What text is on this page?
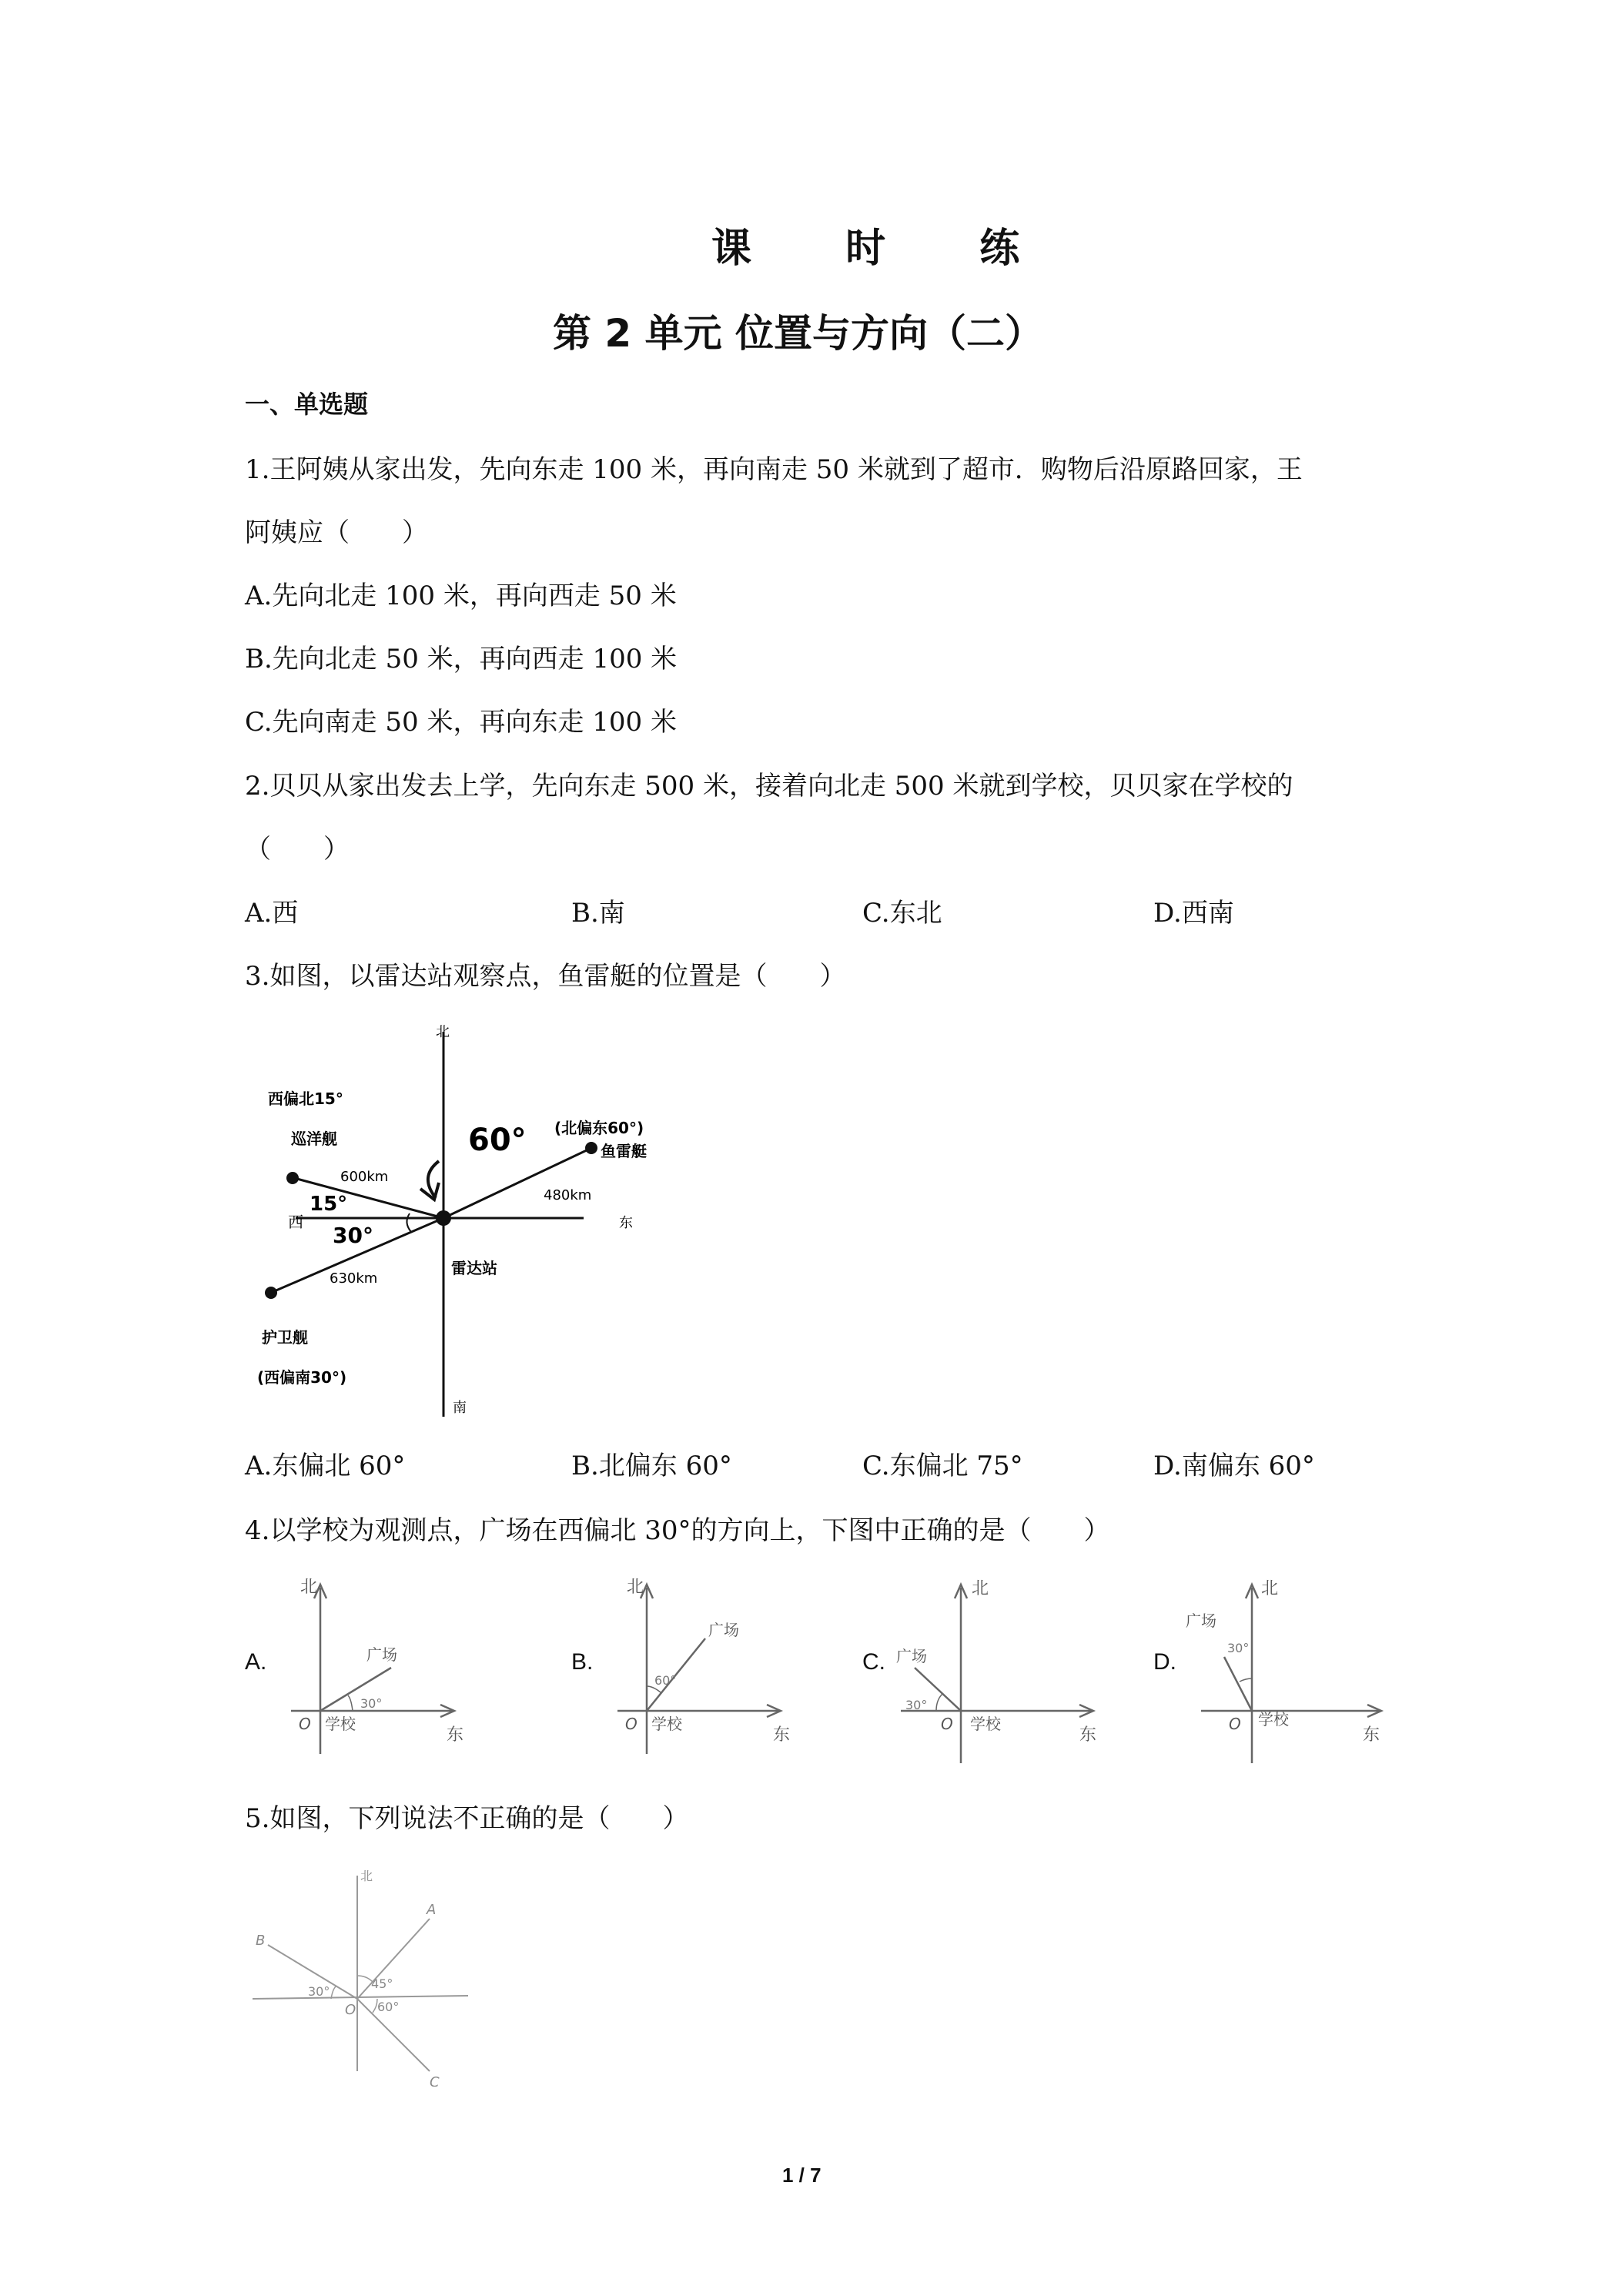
课 时 练
第 2 单元 位置与方向（二）
一、单选题
1.王阿姨从家出发，先向东走 100 米，再向南走 50 米就到了超市．购物后沿原路回家，王
阿姨应（　　）
A.先向北走 100 米，再向西走 50 米
B.先向北走 50 米，再向西走 100 米
C.先向南走 50 米，再向东走 100 米
2.贝贝从家出发去上学，先向东走 500 米，接着向北走 500 米就到学校，贝贝家在学校的
（　　）
A.西	B.南	C.东北	D.西南
3.如图，以雷达站观察点，鱼雷艇的位置是（　　）
北
南
西	东
西偏北15°
巡洋舰
600km
15°
30°
630km
护卫舰
(西偏南30°)
60° (北偏东60°)
鱼雷艇
480km
雷达站
A.东偏北 60°	B.北偏东 60°	C.东偏北 75°	D.南偏东 60°
4.以学校为观测点，广场在西偏北 30°的方向上，下图中正确的是（　　）
A.
北
东
O 学校
广场
30°
B.
北
东
O 学校
广场
60°
C.
北
东
O 学校
广场
30°
D.
北
东
O 学校
广场
30°
5.如图，下列说法不正确的是（　　）
北
A
B
C
O
30°
45°
60°
1 / 7
